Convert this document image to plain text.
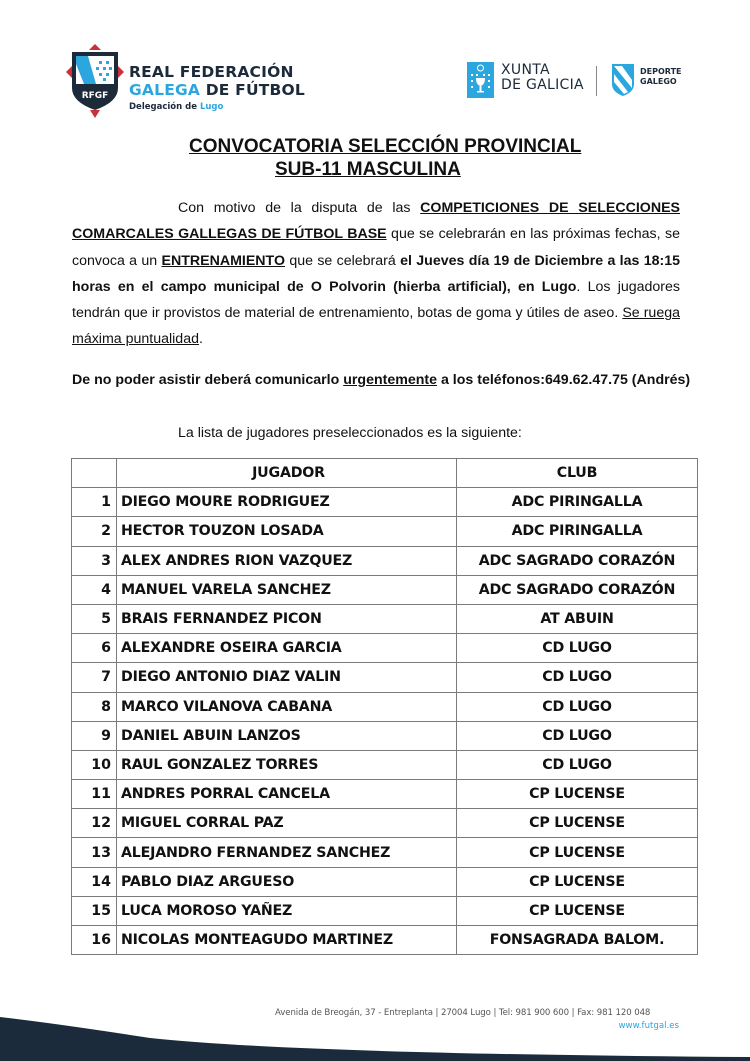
RFGF
REAL FEDERACIÓN
GALEGA DE FÚTBOL
Delegación de Lugo
XUNTA
DE GALICIA
DEPORTE
GALEGO
CONVOCATORIA SELECCIÓN PROVINCIAL
SUB-11 MASCULINA

Con motivo de la disputa de las COMPETICIONES DE SELECCIONES COMARCALES GALLEGAS DE FÚTBOL BASE que se celebrarán en las próximas fechas, se convoca a un ENTRENAMIENTO que se celebrará el Jueves día 19 de Diciembre a las 18:15 horas en el campo municipal de O Polvorin (hierba artificial), en Lugo. Los jugadores tendrán que ir provistos de material de entrenamiento, botas de goma y útiles de aseo. Se ruega máxima puntualidad.

De no poder asistir deberá comunicarlo urgentemente a los teléfonos:649.62.47.75 (Andrés)
La lista de jugadores preseleccionados es la siguiente:
	JUGADOR	CLUB
1	DIEGO MOURE RODRIGUEZ	ADC PIRINGALLA
2	HECTOR TOUZON LOSADA	ADC PIRINGALLA
3	ALEX ANDRES RION VAZQUEZ	ADC SAGRADO CORAZÓN
4	MANUEL VARELA SANCHEZ	ADC SAGRADO CORAZÓN
5	BRAIS FERNANDEZ PICON	AT ABUIN
6	ALEXANDRE OSEIRA GARCIA	CD LUGO
7	DIEGO ANTONIO DIAZ VALIN	CD LUGO
8	MARCO VILANOVA CABANA	CD LUGO
9	DANIEL ABUIN LANZOS	CD LUGO
10	RAUL GONZALEZ TORRES	CD LUGO
11	ANDRES PORRAL CANCELA	CP LUCENSE
12	MIGUEL CORRAL PAZ	CP LUCENSE
13	ALEJANDRO FERNANDEZ SANCHEZ	CP LUCENSE
14	PABLO DIAZ ARGUESO	CP LUCENSE
15	LUCA MOROSO YAÑEZ	CP LUCENSE
16	NICOLAS MONTEAGUDO MARTINEZ	FONSAGRADA BALOM.
Avenida de Breogán, 37 - Entreplanta | 27004 Lugo | Tel: 981 900 600 | Fax: 981 120 048
www.futgal.es
